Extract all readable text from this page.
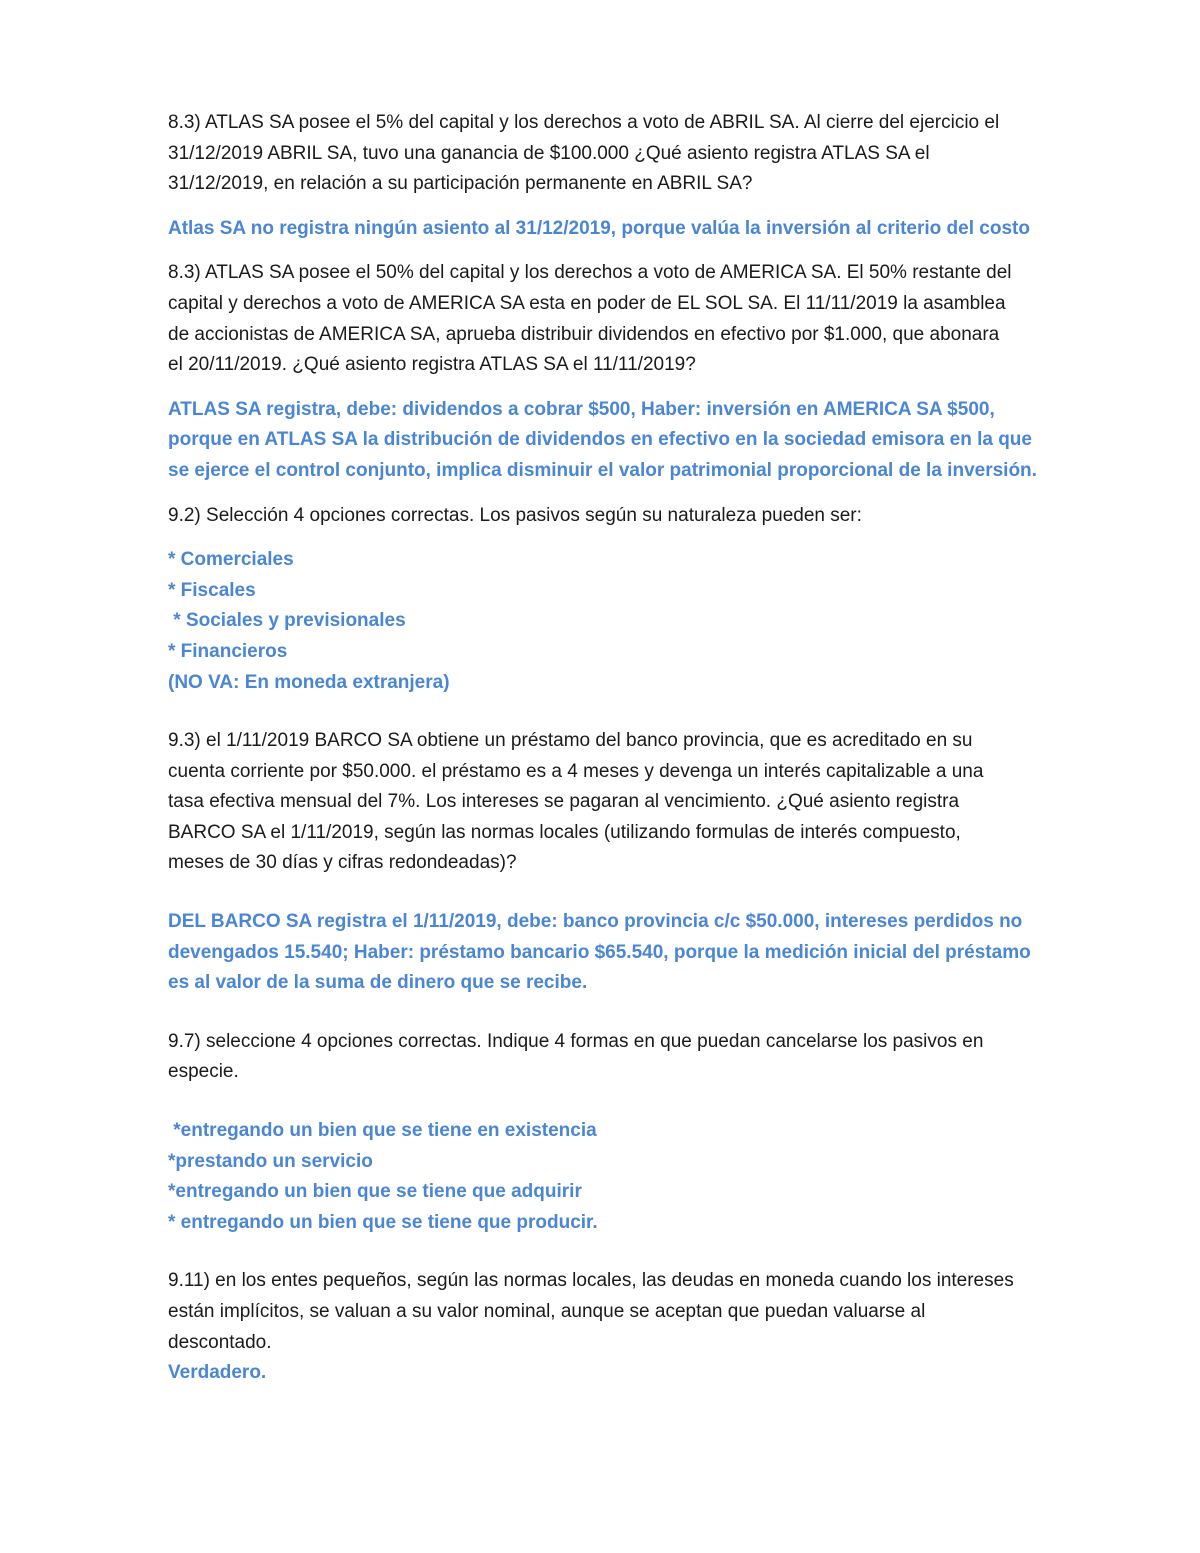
8.3) ATLAS SA posee el 5% del capital y los derechos a voto de ABRIL SA. Al cierre del ejercicio el
31/12/2019 ABRIL SA, tuvo una ganancia de $100.000 ¿Qué asiento registra ATLAS SA el
31/12/2019, en relación a su participación permanente en ABRIL SA?
Atlas SA no registra ningún asiento al 31/12/2019, porque valúa la inversión al criterio del costo
8.3) ATLAS SA posee el 50% del capital y los derechos a voto de AMERICA SA. El 50% restante del
capital y derechos a voto de AMERICA SA esta en poder de EL SOL SA. El 11/11/2019 la asamblea
de accionistas de AMERICA SA, aprueba distribuir dividendos en efectivo por $1.000, que abonara
el 20/11/2019. ¿Qué asiento registra ATLAS SA el 11/11/2019?
ATLAS SA registra, debe: dividendos a cobrar $500, Haber: inversión en AMERICA SA $500,
porque en ATLAS SA la distribución de dividendos en efectivo en la sociedad emisora en la que
se ejerce el control conjunto, implica disminuir el valor patrimonial proporcional de la inversión.
9.2) Selección 4 opciones correctas. Los pasivos según su naturaleza pueden ser:
* Comerciales
* Fiscales
* Sociales y previsionales
* Financieros
(NO VA: En moneda extranjera)
9.3) el 1/11/2019 BARCO SA obtiene un préstamo del banco provincia, que es acreditado en su
cuenta corriente por $50.000. el préstamo es a 4 meses y devenga un interés capitalizable a una
tasa efectiva mensual del 7%. Los intereses se pagaran al vencimiento. ¿Qué asiento registra
BARCO SA el 1/11/2019, según las normas locales (utilizando formulas de interés compuesto,
meses de 30 días y cifras redondeadas)?
DEL BARCO SA registra el 1/11/2019, debe: banco provincia c/c $50.000, intereses perdidos no
devengados 15.540; Haber: préstamo bancario $65.540, porque la medición inicial del préstamo
es al valor de la suma de dinero que se recibe.
9.7) seleccione 4 opciones correctas. Indique 4 formas en que puedan cancelarse los pasivos en
especie.
*entregando un bien que se tiene en existencia
*prestando un servicio
*entregando un bien que se tiene que adquirir
* entregando un bien que se tiene que producir.
9.11) en los entes pequeños, según las normas locales, las deudas en moneda cuando los intereses
están implícitos, se valuan a su valor nominal, aunque se aceptan que puedan valuarse al
descontado.
Verdadero.
